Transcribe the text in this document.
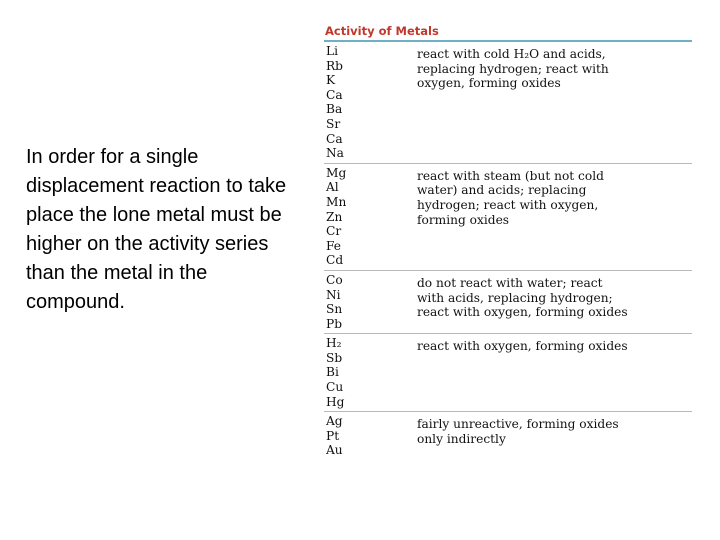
In order for a single displacement reaction to take place the lone metal must be higher on the activity series than the metal in the compound.
Activity of Metals
Li
Rb
K
Ca
Ba
Sr
Ca
Na
react with cold H₂O and acids,
replacing hydrogen; react with
oxygen, forming oxides
Mg
Al
Mn
Zn
Cr
Fe
Cd
react with steam (but not cold
water) and acids; replacing
hydrogen; react with oxygen,
forming oxides
Co
Ni
Sn
Pb
do not react with water; react
with acids, replacing hydrogen;
react with oxygen, forming oxides
H₂
Sb
Bi
Cu
Hg
react with oxygen, forming oxides
Ag
Pt
Au
fairly unreactive, forming oxides
only indirectly
